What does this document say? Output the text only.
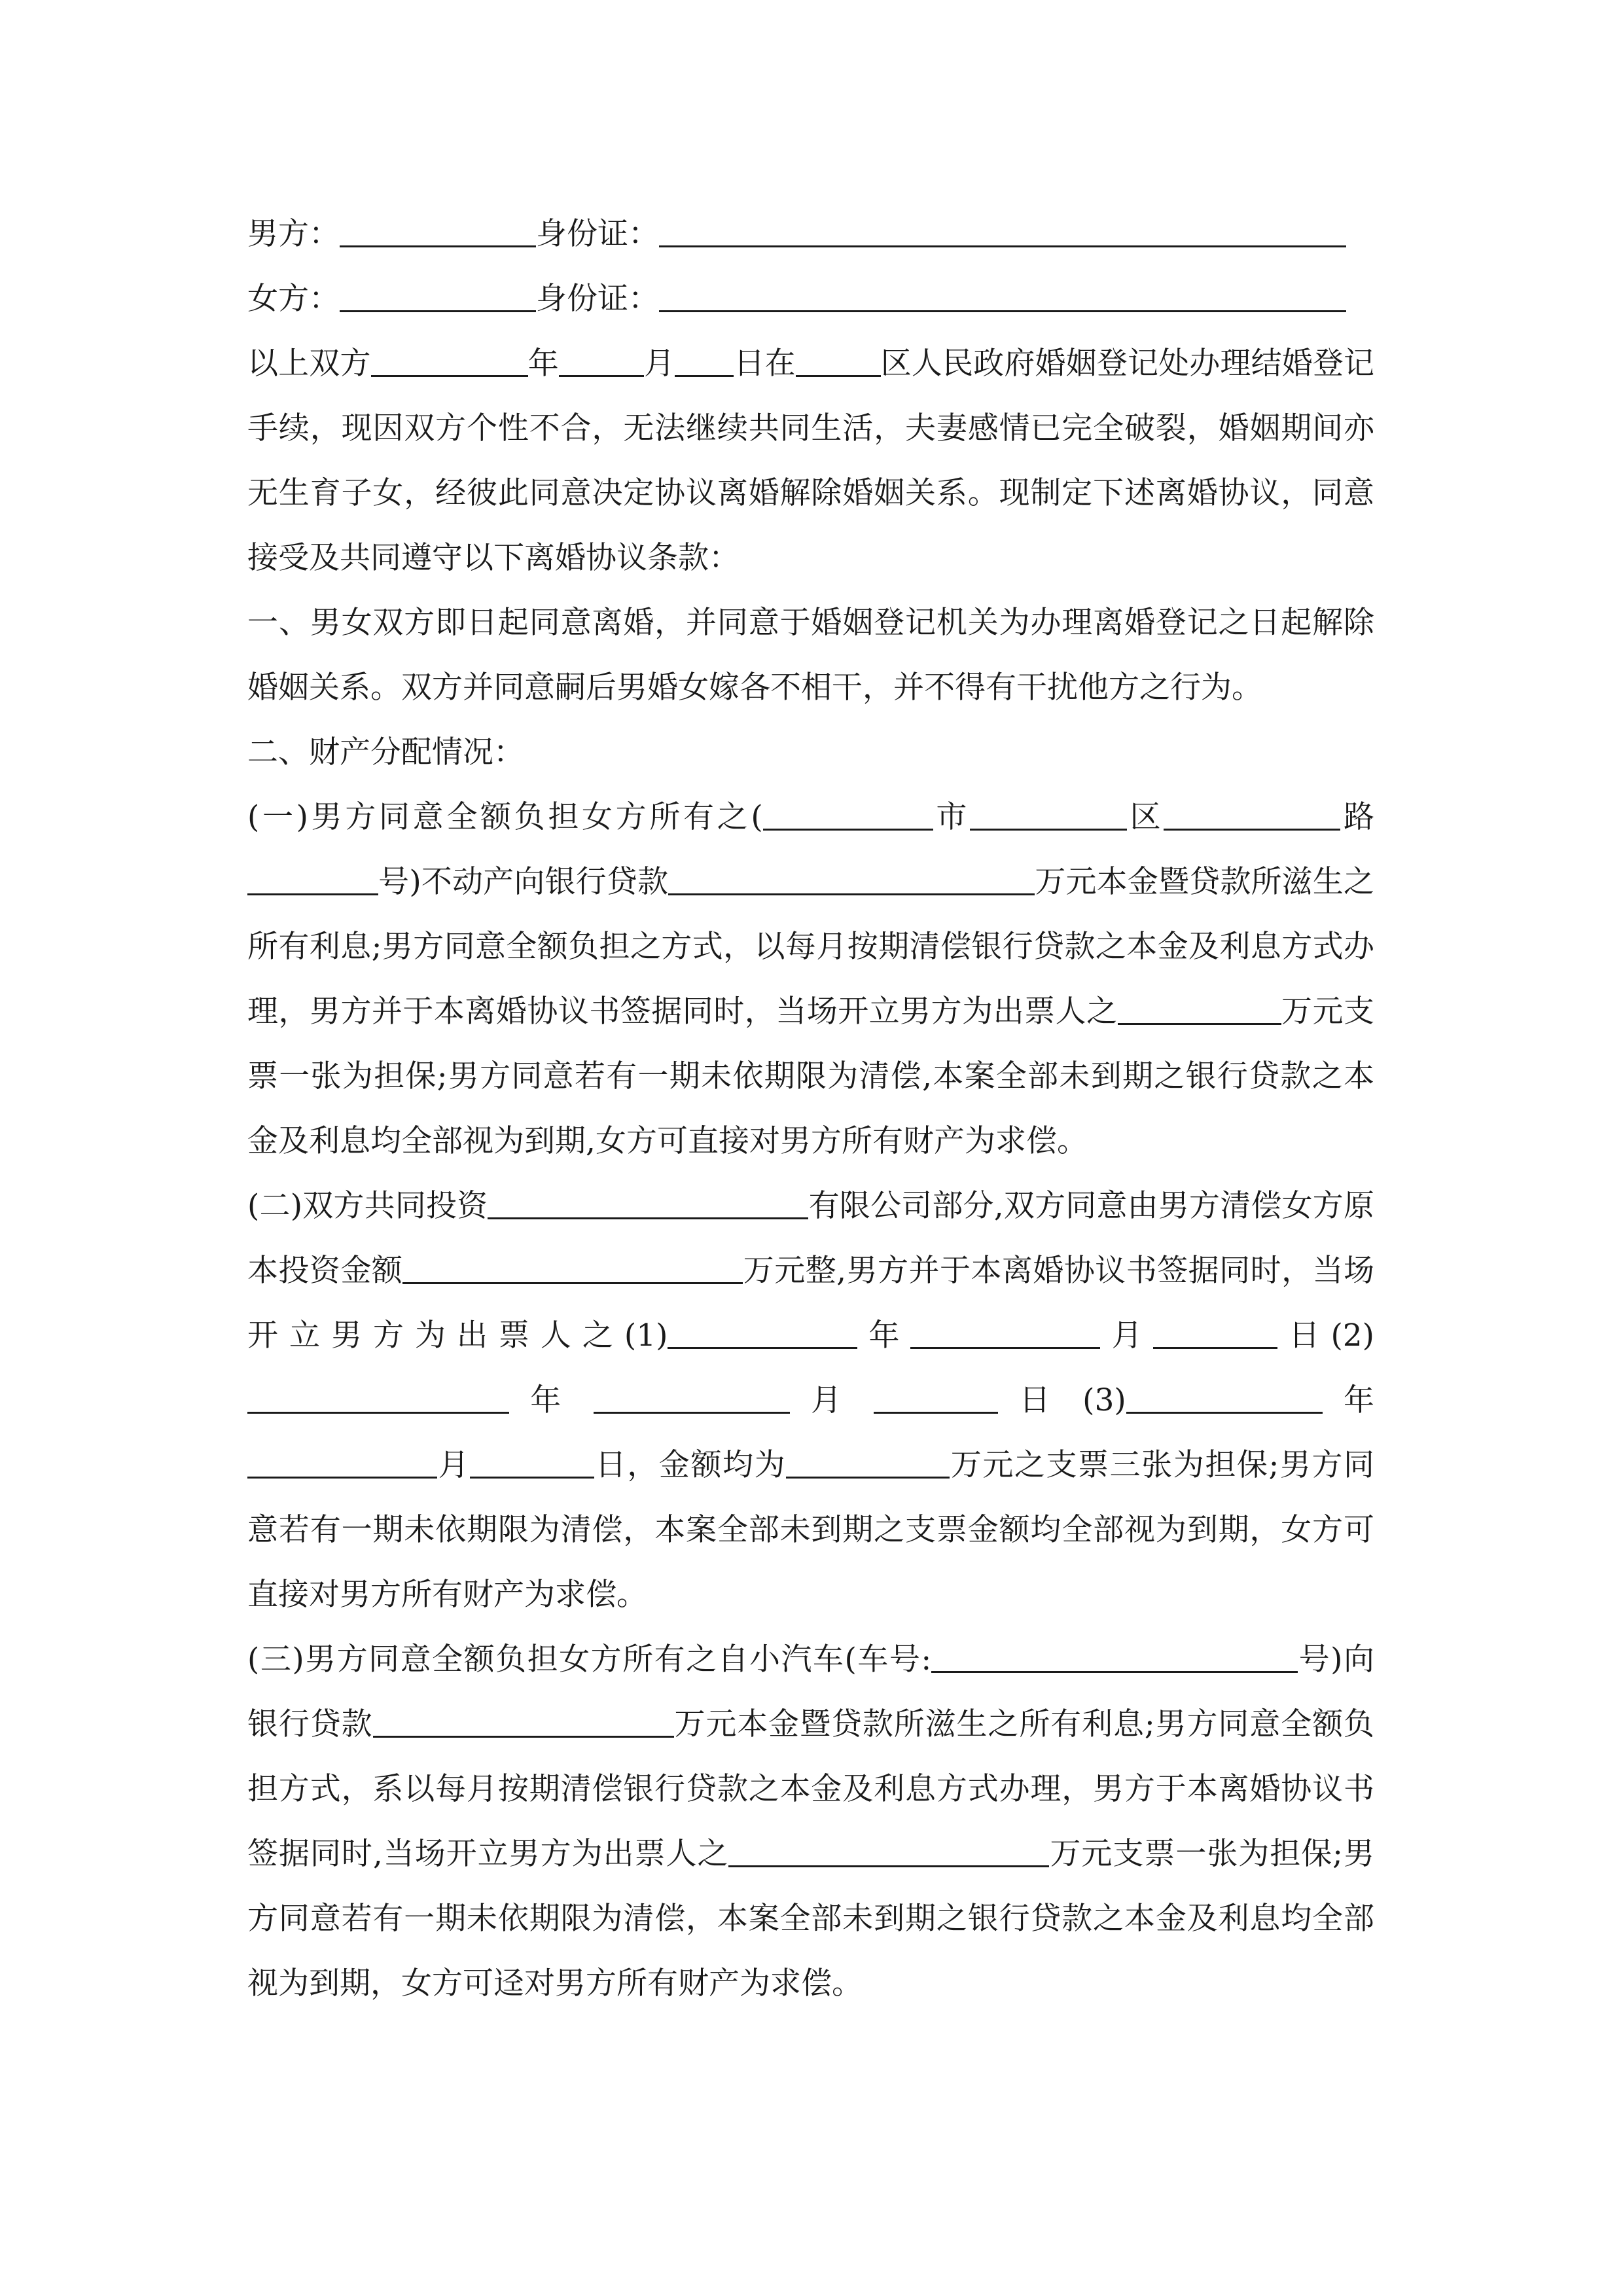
男方：	身份证：

女方：	身份证：

以上双方	年	月 日在	区人民政府婚姻登记处办理结婚登记手续，现因双方个性不合，无法继续共同生活，夫妻感情已完全破裂，婚姻期间亦无生育子女，经彼此同意决定协议离婚解除婚姻关系。现制定下述离婚协议，同意接受及共同遵守以下离婚协议条款：

一、男女双方即日起同意离婚，并同意于婚姻登记机关为办理离婚登记之日起解除婚姻关系。双方并同意嗣后男婚女嫁各不相干，并不得有干扰他方之行为。

二、财产分配情况：

(一)男方同意全额负担女方所有之(	市	区	路号)不动产向银行贷款	万元本金暨贷款所滋生之所有利息;男方同意全额负担之方式，以每月按期清偿银行贷款之本金及利息方式办理，男方并于本离婚协议书签据同时，当场开立男方为出票人之	万元支票一张为担保;男方同意若有一期未依期限为清偿,本案全部未到期之银行贷款之本金及利息均全部视为到期,女方可直接对男方所有财产为求偿。

(二)双方共同投资	有限公司部分,双方同意由男方清偿女方原本投资金额	万元整,男方并于本离婚协议书签据同时，当场开立男方为出票人之(1)	年	月	日(2) 年	月	日 (3)	年月	日，金额均为	万元之支票三张为担保;男方同意若有一期未依期限为清偿，本案全部未到期之支票金额均全部视为到期，女方可直接对男方所有财产为求偿。

(三)男方同意全额负担女方所有之自小汽车(车号:	号)向银行贷款	万元本金暨贷款所滋生之所有利息;男方同意全额负担方式，系以每月按期清偿银行贷款之本金及利息方式办理，男方于本离婚协议书签据同时,当场开立男方为出票人之	万元支票一张为担保;男方同意若有一期未依期限为清偿，本案全部未到期之银行贷款之本金及利息均全部视为到期，女方可迳对男方所有财产为求偿。
